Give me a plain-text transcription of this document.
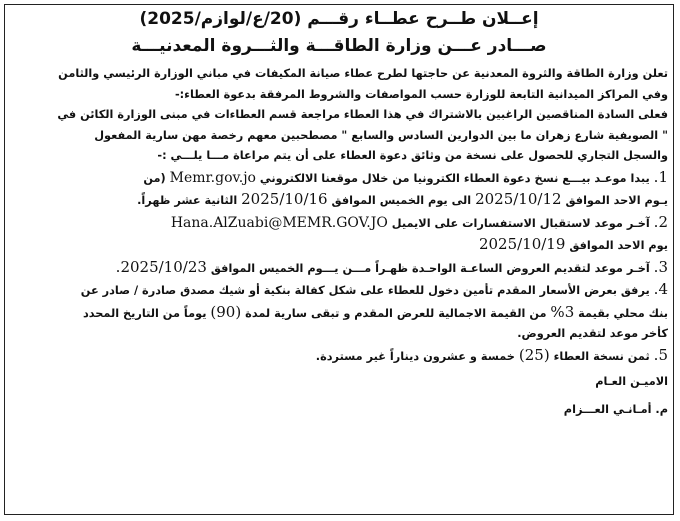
إعــلان طــرح عطــاء رقـــم (20/ع/لوازم/2025)
صـــادر عـــن وزارة الطاقـــة والثـــروة المعدنيـــة
تعلن وزارة الطاقة والثروة المعدنية عن حاجتها لطرح عطاء صيانة المكيفات في مباني الوزارة الرئيسي والثامن
وفي المراكز الميدانية التابعة للوزارة حسب المواصفات والشروط المرفقة بدعوة العطاء:-
فعلى السادة المناقصين الراغبين بالاشتراك في هذا العطاء مراجعة قسم العطاءات في مبنى الوزارة الكائن في
" الصويفية شارع زهران ما بين الدوارين السادس والسابع " مصطحبين معهم رخصة مهن سارية المفعول
والسجل التجاري للحصول على نسخة من وثائق دعوة العطاء على أن يتم مراعاة مـــا يلـــي :-
1. يبدا موعـد بيـــع نسخ دعوة العطاء الكترونيا من خلال موقعنا الالكتروني Memr.gov.jo (من
يـوم الاحد الموافق 2025/10/12 الى يوم الخميس الموافق 2025/10/16 الثانية عشر ظهراً.
2. آخـر موعد لاستقبال الاستفسارات على الايميل Hana.AlZuabi@MEMR.GOV.JO
يوم الاحد الموافق 2025/10/19
3. آخـر موعد لتقديم العروض الساعـة الواحـدة ظهـراً مـــن يـــوم الخميس الموافق 2025/10/23.
4. يرفق بعرض الأسعار المقدم تأمين دخول للعطاء على شكل كفالة بنكية أو شيك مصدق صادرة / صادر عن
بنك محلي بقيمة 3% من القيمة الاجمالية للعرض المقدم و تبقى سارية لمدة (90) يوماً من التاريخ المحدد
كأخر موعد لتقديم العروض.
5. ثمن نسخة العطاء (25) خمسة و عشرون ديناراً غير مستردة.
الاميـن العـام
م. أمـانـي العـــزام
